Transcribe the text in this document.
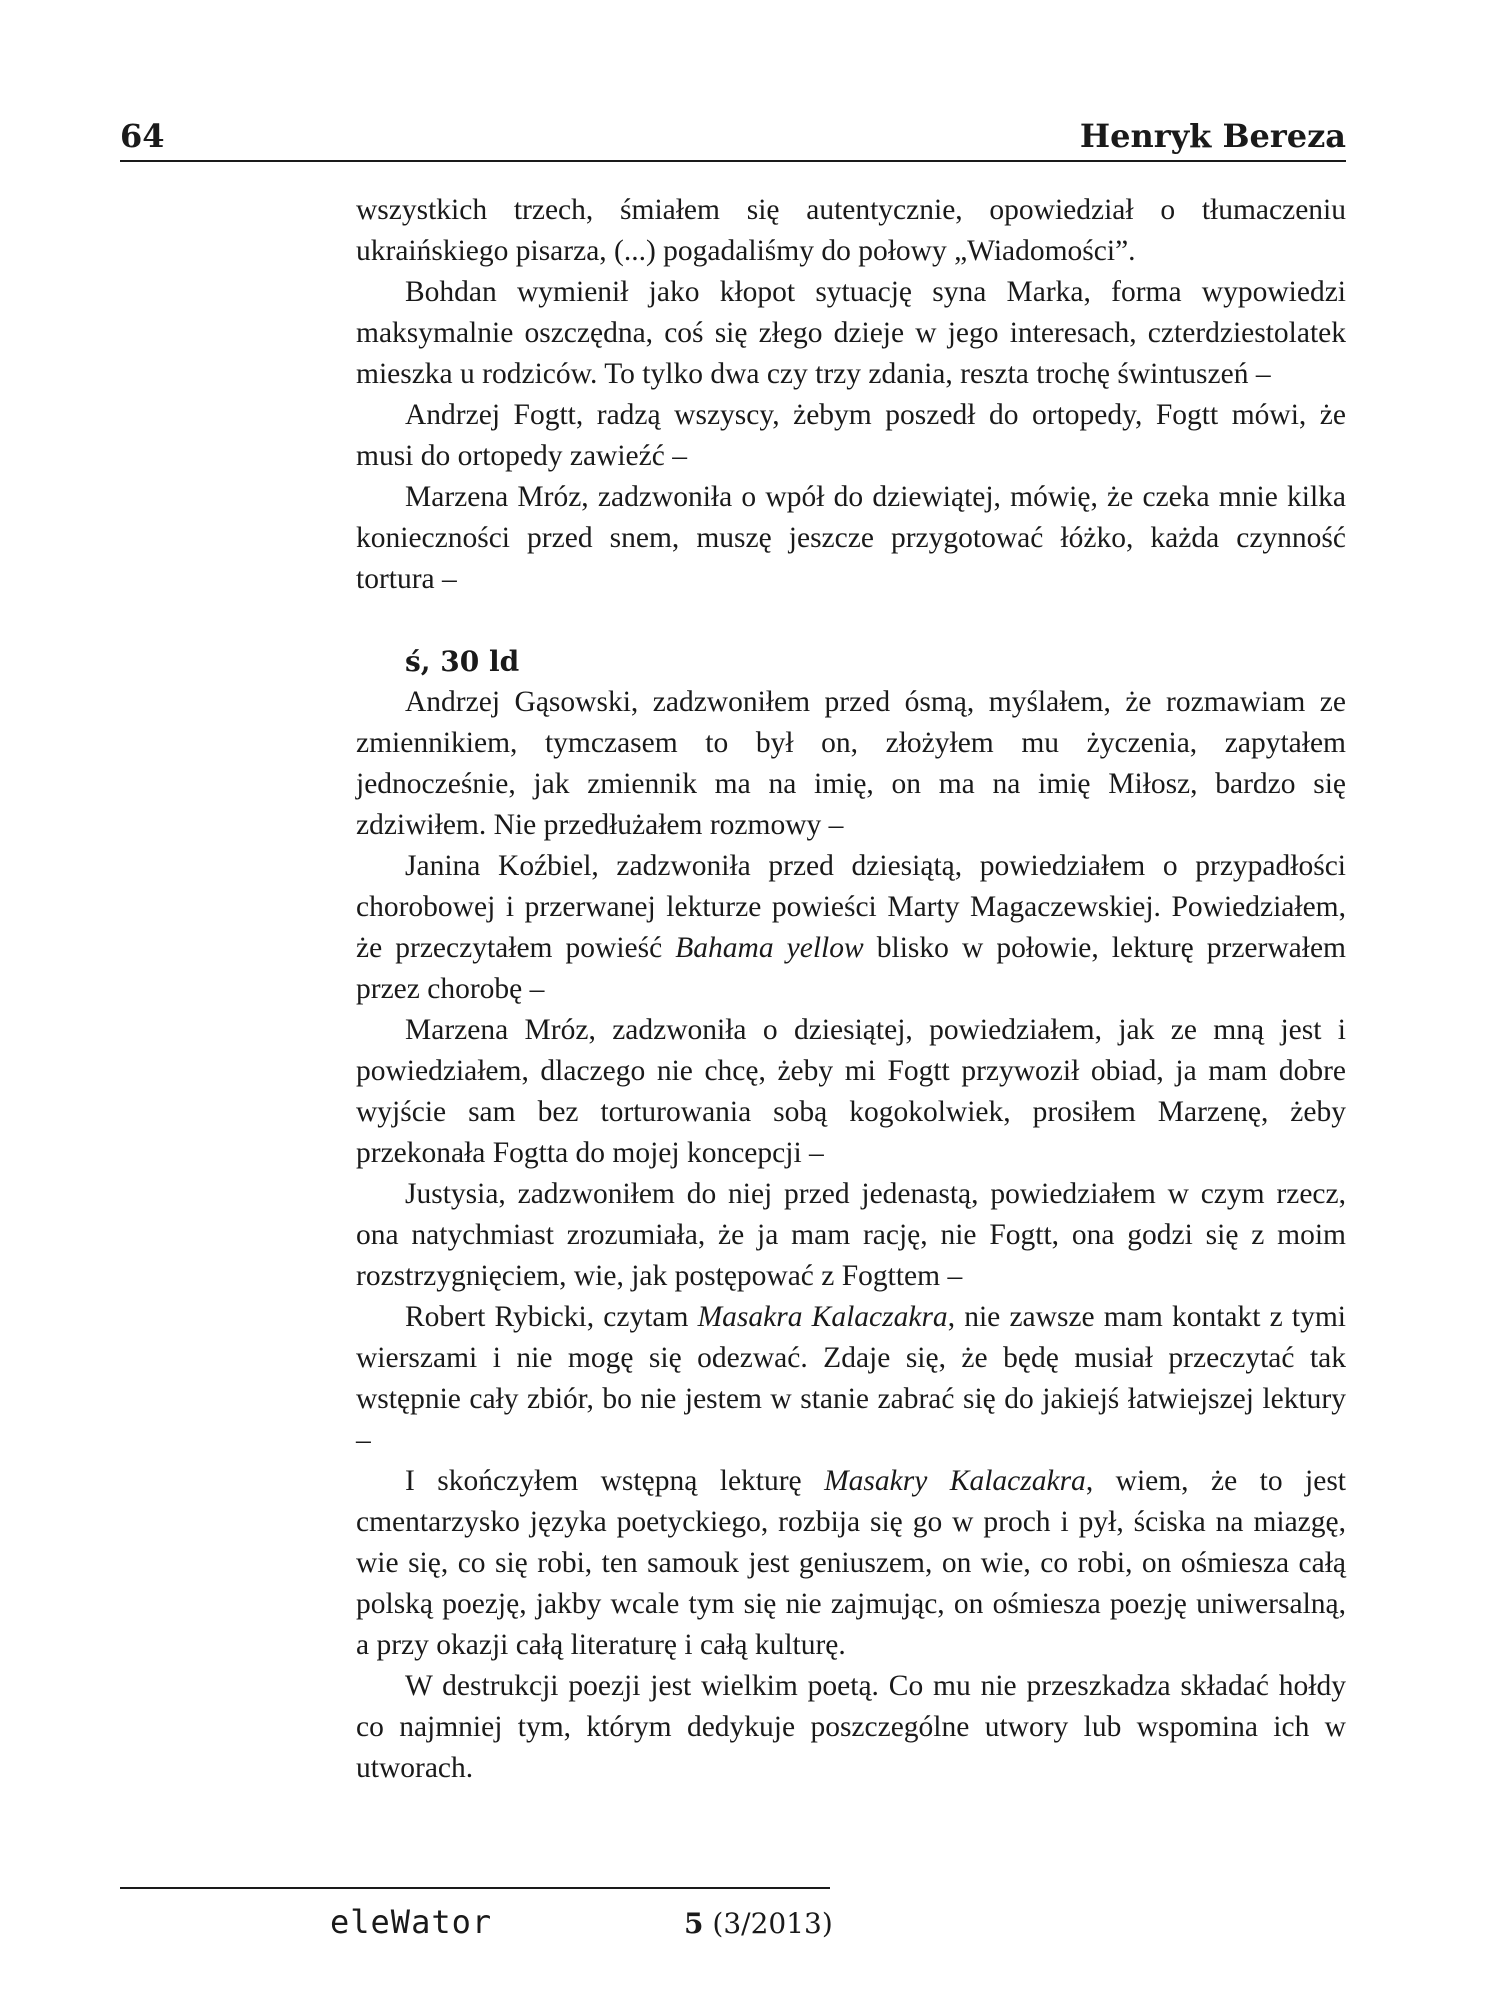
64	Henryk Bereza

wszystkich trzech, śmiałem się autentycznie, opowiedział o tłumaczeniu ukraińskiego pisarza, (...) pogadaliśmy do połowy „Wiadomości”.

Bohdan wymienił jako kłopot sytuację syna Marka, forma wypowiedzi maksymalnie oszczędna, coś się złego dzieje w jego interesach, czterdziestolatek mieszka u rodziców. To tylko dwa czy trzy zdania, reszta trochę świntuszeń –

Andrzej Fogtt, radzą wszyscy, żebym poszedł do ortopedy, Fogtt mówi, że musi do ortopedy zawieźć –

Marzena Mróz, zadzwoniła o wpół do dziewiątej, mówię, że czeka mnie kilka konieczności przed snem, muszę jeszcze przygotować łóżko, każda czynność tortura –

ś, 30 ld

Andrzej Gąsowski, zadzwoniłem przed ósmą, myślałem, że rozmawiam ze zmiennikiem, tymczasem to był on, złożyłem mu życzenia, zapytałem jednocześnie, jak zmiennik ma na imię, on ma na imię Miłosz, bardzo się zdziwiłem. Nie przedłużałem rozmowy –

Janina Koźbiel, zadzwoniła przed dziesiątą, powiedziałem o przypadłości chorobowej i przerwanej lekturze powieści Marty Magaczewskiej. Powiedziałem, że przeczytałem powieść Bahama yellow blisko w połowie, lekturę przerwałem przez chorobę –

Marzena Mróz, zadzwoniła o dziesiątej, powiedziałem, jak ze mną jest i powiedziałem, dlaczego nie chcę, żeby mi Fogtt przywoził obiad, ja mam dobre wyjście sam bez torturowania sobą kogokolwiek, prosiłem Marzenę, żeby przekonała Fogtta do mojej koncepcji –

Justysia, zadzwoniłem do niej przed jedenastą, powiedziałem w czym rzecz, ona natychmiast zrozumiała, że ja mam rację, nie Fogtt, ona godzi się z moim rozstrzygnięciem, wie, jak postępować z Fogttem –

Robert Rybicki, czytam Masakra Kalaczakra, nie zawsze mam kontakt z tymi wierszami i nie mogę się odezwać. Zdaje się, że będę musiał przeczytać tak wstępnie cały zbiór, bo nie jestem w stanie zabrać się do jakiejś łatwiejszej lektury –

I skończyłem wstępną lekturę Masakry Kalaczakra, wiem, że to jest cmentarzysko języka poetyckiego, rozbija się go w proch i pył, ściska na miazgę, wie się, co się robi, ten samouk jest geniuszem, on wie, co robi, on ośmiesza całą polską poezję, jakby wcale tym się nie zajmując, on ośmiesza poezję uniwersalną, a przy okazji całą literaturę i całą kulturę.

W destrukcji poezji jest wielkim poetą. Co mu nie przeszkadza składać hołdy co najmniej tym, którym dedykuje poszczególne utwory lub wspomina ich w utworach.

eleWator	5 (3/2013)
